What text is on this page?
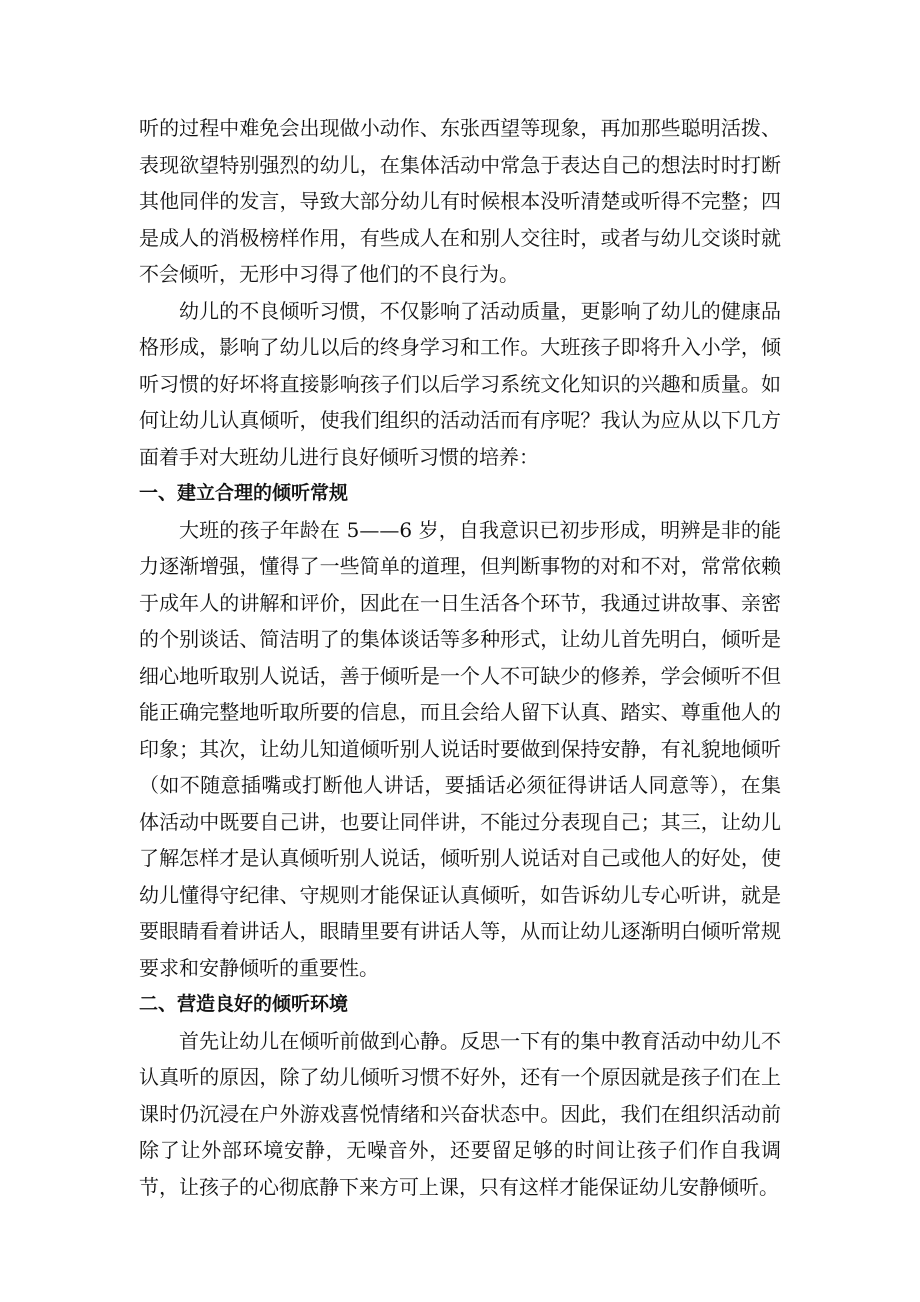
听的过程中难免会出现做小动作、东张西望等现象，再加那些聪明活拨、表现欲望特别强烈的幼儿，在集体活动中常急于表达自己的想法时时打断其他同伴的发言，导致大部分幼儿有时候根本没听清楚或听得不完整；四是成人的消极榜样作用，有些成人在和别人交往时，或者与幼儿交谈时就不会倾听，无形中习得了他们的不良行为。

幼儿的不良倾听习惯，不仅影响了活动质量，更影响了幼儿的健康品格形成，影响了幼儿以后的终身学习和工作。大班孩子即将升入小学，倾听习惯的好坏将直接影响孩子们以后学习系统文化知识的兴趣和质量。如何让幼儿认真倾听，使我们组织的活动活而有序呢？我认为应从以下几方面着手对大班幼儿进行良好倾听习惯的培养：

一、建立合理的倾听常规

大班的孩子年龄在 5——6 岁，自我意识已初步形成，明辨是非的能力逐渐增强，懂得了一些简单的道理，但判断事物的对和不对，常常依赖于成年人的讲解和评价，因此在一日生活各个环节，我通过讲故事、亲密的个别谈话、简洁明了的集体谈话等多种形式，让幼儿首先明白，倾听是细心地听取别人说话，善于倾听是一个人不可缺少的修养，学会倾听不但能正确完整地听取所要的信息，而且会给人留下认真、踏实、尊重他人的印象；其次，让幼儿知道倾听别人说话时要做到保持安静，有礼貌地倾听（如不随意插嘴或打断他人讲话，要插话必须征得讲话人同意等），在集体活动中既要自己讲，也要让同伴讲，不能过分表现自己；其三，让幼儿了解怎样才是认真倾听别人说话，倾听别人说话对自己或他人的好处，使幼儿懂得守纪律、守规则才能保证认真倾听，如告诉幼儿专心听讲，就是要眼睛看着讲话人，眼睛里要有讲话人等，从而让幼儿逐渐明白倾听常规要求和安静倾听的重要性。

二、营造良好的倾听环境

首先让幼儿在倾听前做到心静。反思一下有的集中教育活动中幼儿不认真听的原因，除了幼儿倾听习惯不好外，还有一个原因就是孩子们在上课时仍沉浸在户外游戏喜悦情绪和兴奋状态中。因此，我们在组织活动前除了让外部环境安静，无噪音外，还要留足够的时间让孩子们作自我调节，让孩子的心彻底静下来方可上课，只有这样才能保证幼儿安静倾听。
